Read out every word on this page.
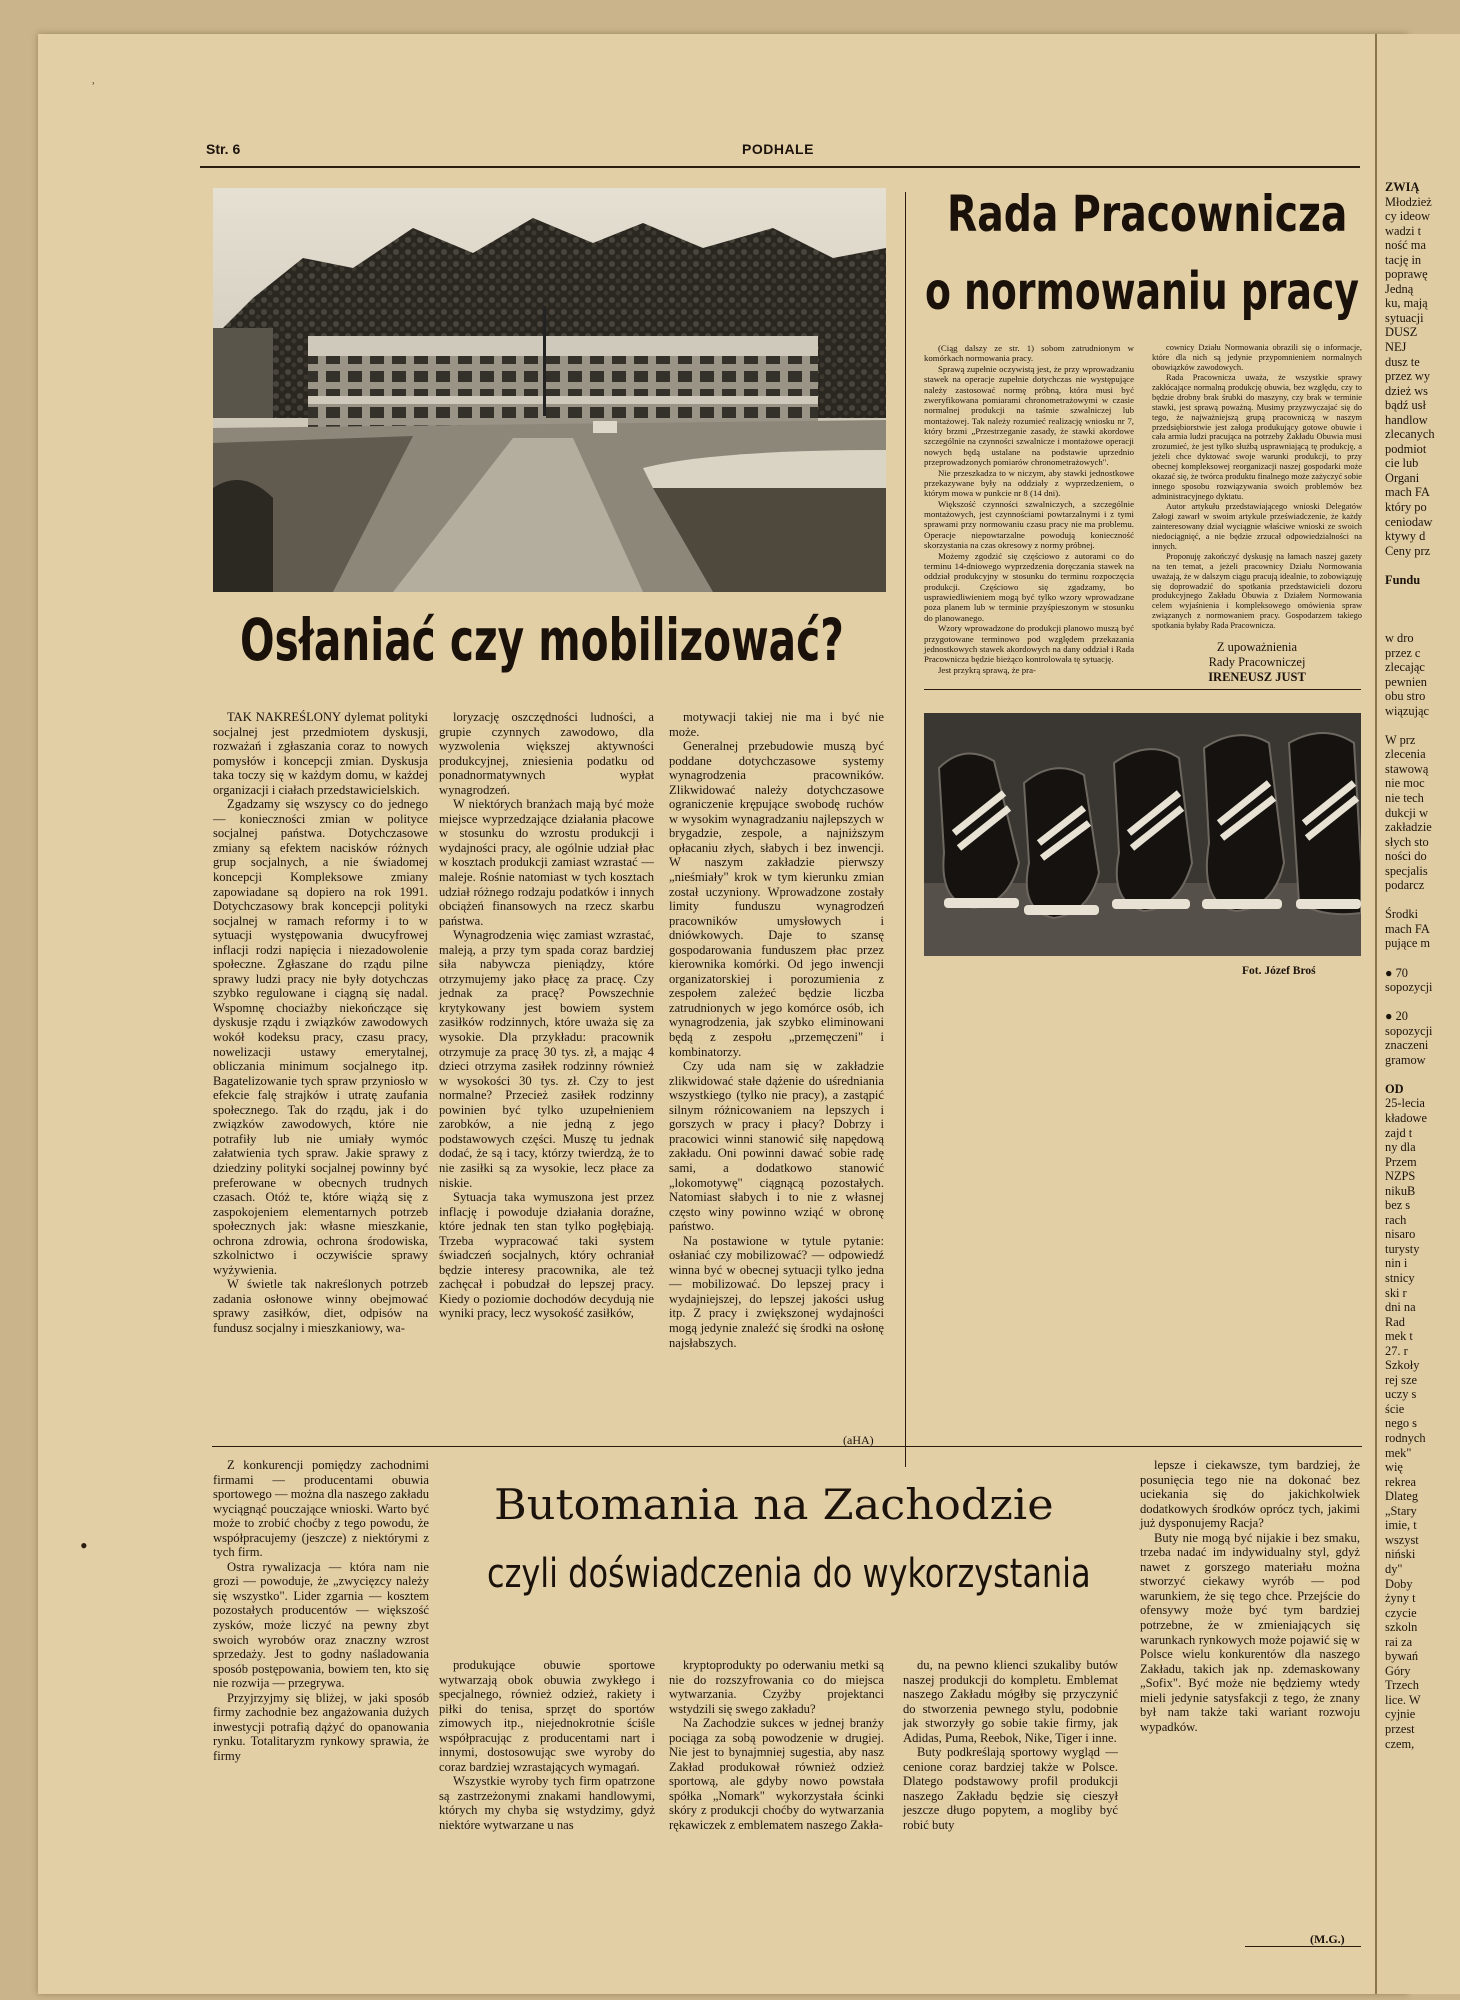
ZWIĄ
Młodzież
cy ideow
wadzi t
ność ma
tację in
poprawę
Jedną
ku, mają
sytuacji
DUSZ
NEJ
dusz te
przez wy
dzież ws
bądź usł
handlow
zlecanych
podmiot
cie lub
Organi
mach FA
który po
ceniodaw
ktywy d
Ceny prz
Fundu
w dro
przez c
zlecając
pewnien
obu stro
wiązując
W prz
zlecenia
stawową
nie moc
nie tech
dukcji w
zakładzie
słych sto
ności do
specjalis
podarcz
Środki
mach FA
pujące m
● 70
sopozycji
● 20
sopozycji
znaczeni
gramow
OD
25-lecia
kładowe
zajd t
ny dla
Przem
NZPS
nikuB
bez s
rach
nisaro
turysty
nin i
stnicy
ski r
dni na
Rad
mek t
27. r
Szkoły
rej sze
uczy s
ście
nego s
rodnych
mek"
wię
rekrea
Dlateg
„Stary
imie, t
wszyst
niński
dy"
Doby
żyny t
czycie
szkoln
rai za
bywań
Góry
Trzech
lice. W
cyjnie
przest
czem,
Str. 6	PODHALE
Fot. Józef Broś
Rada Pracownicza
o normowaniu pracy

(Ciąg dalszy ze str. 1) sobom zatrudnionym w komórkach normowania pracy.

Sprawą zupełnie oczywistą jest, że przy wprowadzaniu stawek na operacje zupełnie dotychczas nie występujące należy zastosować normę próbną, która musi być zweryfikowana pomiarami chronometrażowymi w czasie normalnej produkcji na taśmie szwalniczej lub montażowej. Tak należy rozumieć realizację wniosku nr 7, który brzmi „Przestrzeganie zasady, że stawki akordowe szczególnie na czynności szwalnicze i montażowe operacji nowych będą ustalane na podstawie uprzednio przeprowadzonych pomiarów chronometrażowych".

Nie przeszkadza to w niczym, aby stawki jednostkowe przekazywane były na oddziały z wyprzedzeniem, o którym mowa w punkcie nr 8 (14 dni).

Większość czynności szwalniczych, a szczególnie montażowych, jest czynnościami powtarzalnymi i z tymi sprawami przy normowaniu czasu pracy nie ma problemu. Operacje niepowtarzalne powodują konieczność skorzystania na czas okresowy z normy próbnej.

Możemy zgodzić się częściowo z autorami co do terminu 14-dniowego wyprzedzenia doręczania stawek na oddział produkcyjny w stosunku do terminu rozpoczęcia produkcji. Częściowo się zgadzamy, bo usprawiedliwieniem mogą być tylko wzory wprowadzane poza planem lub w terminie przyśpieszonym w stosunku do planowanego.

Wzory wprowadzone do produkcji planowo muszą być przygotowane terminowo pod względem przekazania jednostkowych stawek akordowych na dany oddział i Rada Pracownicza będzie bieżąco kontrolowała tę sytuację.

Jest przykrą sprawą, że pra-

cownicy Działu Normowania obrazili się o informacje, które dla nich są jedynie przypomnieniem normalnych obowiązków zawodowych.

Rada Pracownicza uważa, że wszystkie sprawy zakłócające normalną produkcję obuwia, bez względu, czy to będzie drobny brak śrubki do maszyny, czy brak w terminie stawki, jest sprawą poważną. Musimy przyzwyczajać się do tego, że najważniejszą grupą pracowniczą w naszym przedsiębiorstwie jest załoga produkujący gotowe obuwie i cała armia ludzi pracująca na potrzeby Zakładu Obuwia musi zrozumieć, że jest tylko służbą usprawniającą tę produkcję, a jeżeli chce dyktować swoje warunki produkcji, to przy obecnej kompleksowej reorganizacji naszej gospodarki może okazać się, że twórca produktu finalnego może zażyczyć sobie innego sposobu rozwiązywania swoich problemów bez administracyjnego dyktatu.

Autor artykułu przedstawiającego wnioski Delegatów Załogi zawarł w swoim artykule przeświadczenie, że każdy zainteresowany dział wyciągnie właściwe wnioski ze swoich niedociągnięć, a nie będzie zrzucał odpowiedzialności na innych.

Proponuję zakończyć dyskusję na łamach naszej gazety na ten temat, a jeżeli pracownicy Działu Normowania uważają, że w dalszym ciągu pracują idealnie, to zobowiązuję się doprowadzić do spotkania przedstawicieli dozoru produkcyjnego Zakładu Obuwia z Działem Normowania celem wyjaśnienia i kompleksowego omówienia spraw związanych z normowaniem pracy. Gospodarzem takiego spotkania byłaby Rada Pracownicza.

Z upoważnienia
Rady Pracowniczej
IRENEUSZ JUST
Osłaniać czy mobilizować?

TAK NAKREŚLONY dylemat polityki socjalnej jest przedmiotem dyskusji, rozważań i zgłaszania coraz to nowych pomysłów i koncepcji zmian. Dyskusja taka toczy się w każdym domu, w każdej organizacji i ciałach przedstawicielskich.

Zgadzamy się wszyscy co do jednego — konieczności zmian w polityce socjalnej państwa. Dotychczasowe zmiany są efektem nacisków różnych grup socjalnych, a nie świadomej koncepcji Kompleksowe zmiany zapowiadane są dopiero na rok 1991. Dotychczasowy brak koncepcji polityki socjalnej w ramach reformy i to w sytuacji występowania dwucyfrowej inflacji rodzi napięcia i niezadowolenie społeczne. Zgłaszane do rządu pilne sprawy ludzi pracy nie były dotychczas szybko regulowane i ciągną się nadal. Wspomnę chociażby niekończące się dyskusje rządu i związków zawodowych wokół kodeksu pracy, czasu pracy, nowelizacji ustawy emerytalnej, obliczania minimum socjalnego itp. Bagatelizowanie tych spraw przyniosło w efekcie falę strajków i utratę zaufania społecznego. Tak do rządu, jak i do związków zawodowych, które nie potrafiły lub nie umiały wymóc załatwienia tych spraw. Jakie sprawy z dziedziny polityki socjalnej powinny być preferowane w obecnych trudnych czasach. Otóż te, które wiążą się z zaspokojeniem elementarnych potrzeb społecznych jak: własne mieszkanie, ochrona zdrowia, ochrona środowiska, szkolnictwo i oczywiście sprawy wyżywienia.

W świetle tak nakreślonych potrzeb zadania osłonowe winny obejmować sprawy zasiłków, diet, odpisów na fundusz socjalny i mieszkaniowy, wa-

loryzację oszczędności ludności, a grupie czynnych zawodowo, dla wyzwolenia większej aktywności produkcyjnej, zniesienia podatku od ponadnormatywnych wypłat wynagrodzeń.

W niektórych branżach mają być może miejsce wyprzedzające działania płacowe w stosunku do wzrostu produkcji i wydajności pracy, ale ogólnie udział płac w kosztach produkcji zamiast wzrastać — maleje. Rośnie natomiast w tych kosztach udział różnego rodzaju podatków i innych obciążeń finansowych na rzecz skarbu państwa.

Wynagrodzenia więc zamiast wzrastać, maleją, a przy tym spada coraz bardziej siła nabywcza pieniądzy, które otrzymujemy jako płacę za pracę. Czy jednak za pracę? Powszechnie krytykowany jest bowiem system zasiłków rodzinnych, które uważa się za wysokie. Dla przykładu: pracownik otrzymuje za pracę 30 tys. zł, a mając 4 dzieci otrzyma zasiłek rodzinny również w wysokości 30 tys. zł. Czy to jest normalne? Przecież zasiłek rodzinny powinien być tylko uzupełnieniem zarobków, a nie jedną z jego podstawowych części. Muszę tu jednak dodać, że są i tacy, którzy twierdzą, że to nie zasiłki są za wysokie, lecz płace za niskie.

Sytuacja taka wymuszona jest przez inflację i powoduje działania doraźne, które jednak ten stan tylko pogłębiają. Trzeba wypracować taki system świadczeń socjalnych, który ochraniał będzie interesy pracownika, ale też zachęcał i pobudzał do lepszej pracy. Kiedy o poziomie dochodów decydują nie wyniki pracy, lecz wysokość zasiłków,

motywacji takiej nie ma i być nie może.

Generalnej przebudowie muszą być poddane dotychczasowe systemy wynagrodzenia pracowników. Zlikwidować należy dotychczasowe ograniczenie krępujące swobodę ruchów w wysokim wynagradzaniu najlepszych w brygadzie, zespole, a najniższym opłacaniu złych, słabych i bez inwencji. W naszym zakładzie pierwszy „nieśmiały" krok w tym kierunku zmian został uczyniony. Wprowadzone zostały limity funduszu wynagrodzeń pracowników umysłowych i dniówkowych. Daje to szansę gospodarowania funduszem płac przez kierownika komórki. Od jego inwencji organizatorskiej i porozumienia z zespołem zależeć będzie liczba zatrudnionych w jego komórce osób, ich wynagrodzenia, jak szybko eliminowani będą z zespołu „przemęczeni" i kombinatorzy.

Czy uda nam się w zakładzie zlikwidować stałe dążenie do uśredniania wszystkiego (tylko nie pracy), a zastąpić silnym różnicowaniem na lepszych i gorszych w pracy i płacy? Dobrzy i pracowici winni stanowić siłę napędową zakładu. Oni powinni dawać sobie radę sami, a dodatkowo stanowić „lokomotywę" ciągnącą pozostałych. Natomiast słabych i to nie z własnej często winy powinno wziąć w obronę państwo.

Na postawione w tytule pytanie: osłaniać czy mobilizować? — odpowiedź winna być w obecnej sytuacji tylko jedna — mobilizować. Do lepszej pracy i wydajniejszej, do lepszej jakości usług itp. Z pracy i zwiększonej wydajności mogą jedynie znaleźć się środki na osłonę najsłabszych.

(aHA)
Butomania na Zachodzie
czyli doświadczenia do wykorzystania

Z konkurencji pomiędzy zachodnimi firmami — producentami obuwia sportowego — można dla naszego zakładu wyciągnąć pouczające wnioski. Warto być może to zrobić choćby z tego powodu, że współpracujemy (jeszcze) z niektórymi z tych firm.

Ostra rywalizacja — która nam nie grozi — powoduje, że „zwycięzcy należy się wszystko". Lider zgarnia — kosztem pozostałych producentów — większość zysków, może liczyć na pewny zbyt swoich wyrobów oraz znaczny wzrost sprzedaży. Jest to godny naśladowania sposób postępowania, bowiem ten, kto się nie rozwija — przegrywa.

Przyjrzyjmy się bliżej, w jaki sposób firmy zachodnie bez angażowania dużych inwestycji potrafią dążyć do opanowania rynku. Totalitaryzm rynkowy sprawia, że firmy

produkujące obuwie sportowe wytwarzają obok obuwia zwykłego i specjalnego, również odzież, rakiety i piłki do tenisa, sprzęt do sportów zimowych itp., niejednokrotnie ściśle współpracując z producentami nart i innymi, dostosowując swe wyroby do coraz bardziej wzrastających wymagań.

Wszystkie wyroby tych firm opatrzone są zastrzeżonymi znakami handlowymi, których my chyba się wstydzimy, gdyż niektóre wytwarzane u nas

kryptoprodukty po oderwaniu metki są nie do rozszyfrowania co do miejsca wytwarzania. Czyżby projektanci wstydzili się swego zakładu?

Na Zachodzie sukces w jednej branży pociąga za sobą powodzenie w drugiej. Nie jest to bynajmniej sugestia, aby nasz Zakład produkował również odzież sportową, ale gdyby nowo powstała spółka „Nomark" wykorzystała ścinki skóry z produkcji choćby do wytwarzania rękawiczek z emblematem naszego Zakła-

du, na pewno klienci szukaliby butów naszej produkcji do kompletu. Emblemat naszego Zakładu mógłby się przyczynić do stworzenia pewnego stylu, podobnie jak stworzyły go sobie takie firmy, jak Adidas, Puma, Reebok, Nike, Tiger i inne.

Buty podkreślają sportowy wygląd — cenione coraz bardziej także w Polsce. Dlatego podstawowy profil produkcji naszego Zakładu będzie się cieszył jeszcze długo popytem, a mogliby być robić buty

lepsze i ciekawsze, tym bardziej, że posunięcia tego nie na dokonać bez uciekania się do jakichkolwiek dodatkowych środków oprócz tych, jakimi już dysponujemy Racja?

Buty nie mogą być nijakie i bez smaku, trzeba nadać im indywidualny styl, gdyż nawet z gorszego materiału można stworzyć ciekawy wyrób — pod warunkiem, że się tego chce. Przejście do ofensywy może być tym bardziej potrzebne, że w zmieniających się warunkach rynkowych może pojawić się w Polsce wielu konkurentów dla naszego Zakładu, takich jak np. zdemaskowany „Sofix". Być może nie będziemy wtedy mieli jedynie satysfakcji z tego, że znany był nam także taki wariant rozwoju wypadków.

(M.G.)
˒
•
